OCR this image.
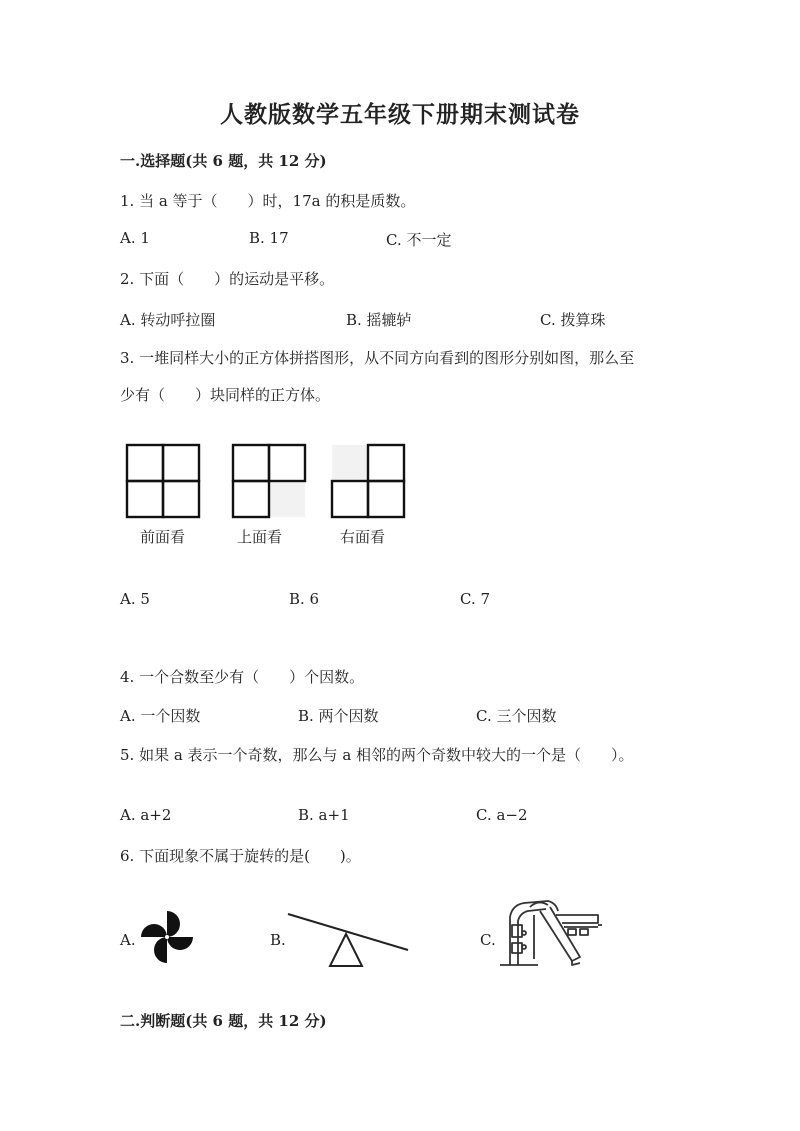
人教版数学五年级下册期末测试卷
一.选择题(共 6 题，共 12 分)
1. 当 a 等于（　　）时，17a 的积是质数。
A. 1	B. 17	C. 不一定
2. 下面（　　）的运动是平移。
A. 转动呼拉圈	B. 摇辘轳	C. 拨算珠
3. 一堆同样大小的正方体拼搭图形，从不同方向看到的图形分别如图，那么至
少有（　　）块同样的正方体。
前面看	上面看	右面看
A. 5	B. 6	C. 7
4. 一个合数至少有（　　）个因数。
A. 一个因数	B. 两个因数	C. 三个因数
5. 如果 a 表示一个奇数，那么与 a 相邻的两个奇数中较大的一个是（　　）。
A. a+2	B. a+1	C. a−2
6. 下面现象不属于旋转的是(　　)。
A.	B.	C.
二.判断题(共 6 题，共 12 分)
